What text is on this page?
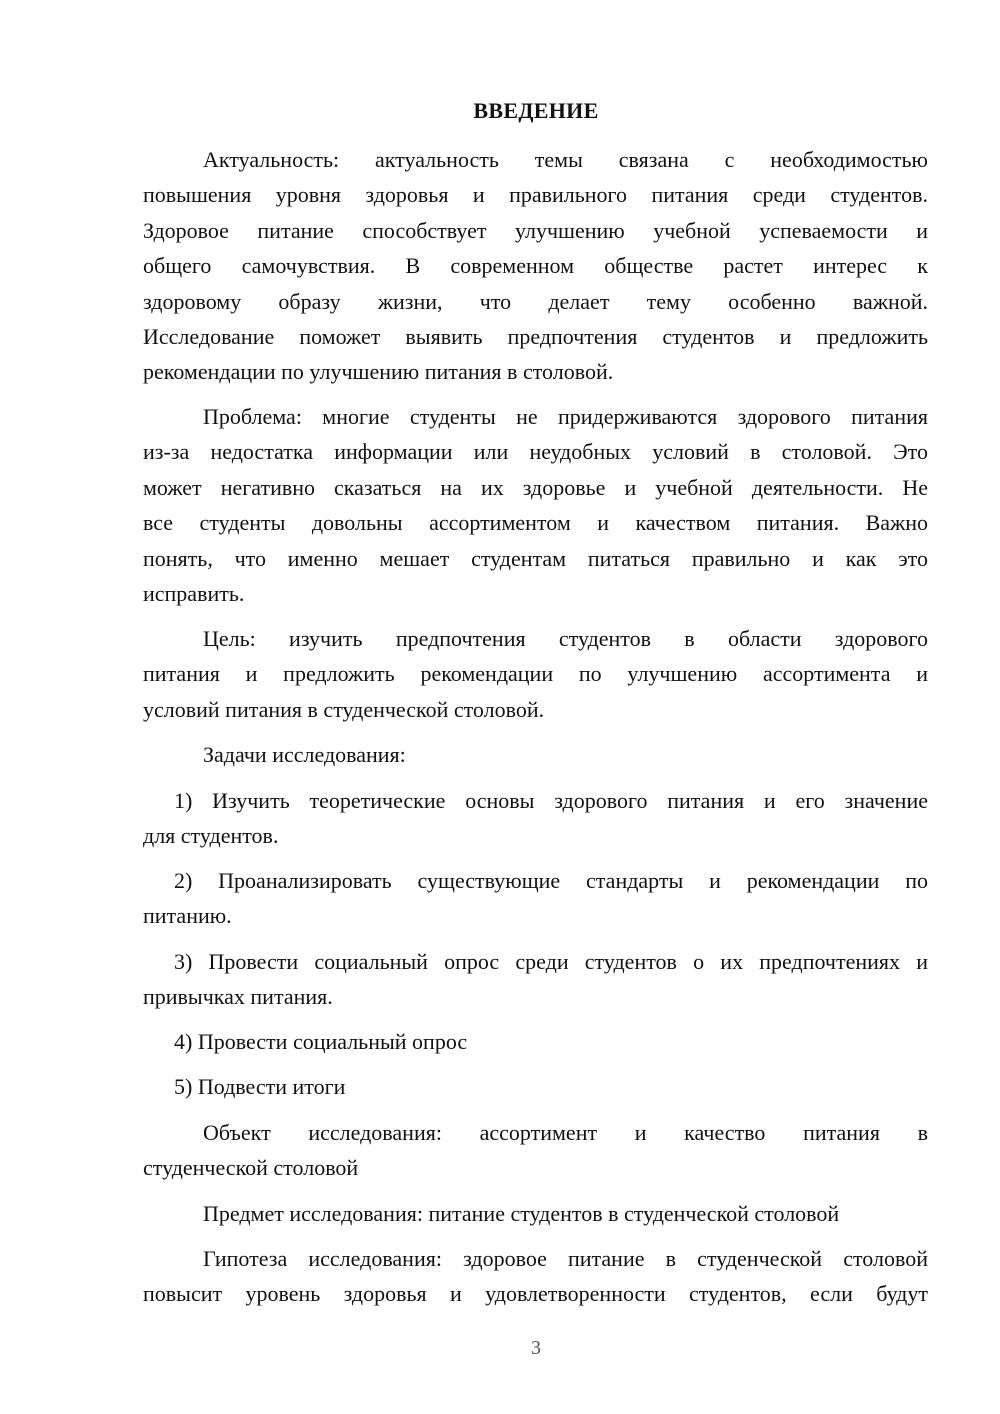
ВВЕДЕНИЕ

Актуальность: актуальность темы связана с необходимостью
повышения уровня здоровья и правильного питания среди студентов.
Здоровое питание способствует улучшению учебной успеваемости и
общего самочувствия. В современном обществе растет интерес к
здоровому образу жизни, что делает тему особенно важной.
Исследование поможет выявить предпочтения студентов и предложить
рекомендации по улучшению питания в столовой.

Проблема: многие студенты не придерживаются здорового питания
из-за недостатка информации или неудобных условий в столовой. Это
может негативно сказаться на их здоровье и учебной деятельности. Не
все студенты довольны ассортиментом и качеством питания. Важно
понять, что именно мешает студентам питаться правильно и как это
исправить.

Цель: изучить предпочтения студентов в области здорового
питания и предложить рекомендации по улучшению ассортимента и
условий питания в студенческой столовой.

Задачи исследования:

1) Изучить теоретические основы здорового питания и его значение
для студентов.

2) Проанализировать существующие стандарты и рекомендации по
питанию.

3) Провести социальный опрос среди студентов о их предпочтениях и
привычках питания.

4) Провести социальный опрос

5) Подвести итоги

Объект исследования: ассортимент и качество питания в
студенческой столовой

Предмет исследования: питание студентов в студенческой столовой

Гипотеза исследования: здоровое питание в студенческой столовой
повысит уровень здоровья и удовлетворенности студентов, если будут

3
